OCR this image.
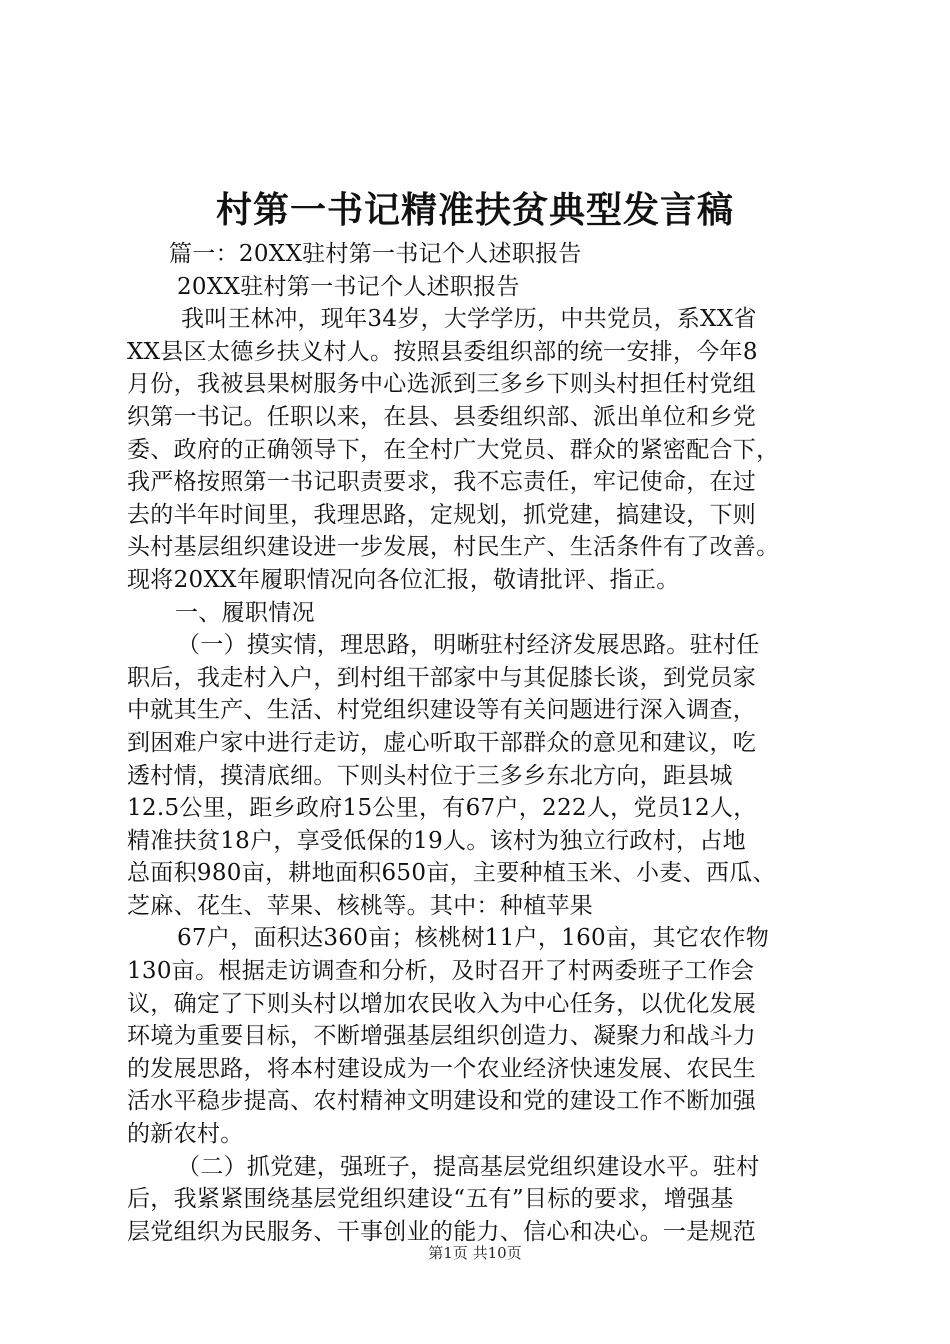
村第一书记精准扶贫典型发言稿
篇一：20XX驻村第一书记个人述职报告
20XX驻村第一书记个人述职报告
我叫王林冲，现年34岁，大学学历，中共党员，系XX省
XX县区太德乡扶义村人。按照县委组织部的统一安排，今年8
月份，我被县果树服务中心选派到三多乡下则头村担任村党组
织第一书记。任职以来，在县、县委组织部、派出单位和乡党
委、政府的正确领导下，在全村广大党员、群众的紧密配合下，
我严格按照第一书记职责要求，我不忘责任，牢记使命，在过
去的半年时间里，我理思路，定规划，抓党建，搞建设，下则
头村基层组织建设进一步发展，村民生产、生活条件有了改善。
现将20XX年履职情况向各位汇报，敬请批评、指正。
一、履职情况
（一）摸实情，理思路，明晰驻村经济发展思路。驻村任
职后，我走村入户，到村组干部家中与其促膝长谈，到党员家
中就其生产、生活、村党组织建设等有关问题进行深入调查，
到困难户家中进行走访，虚心听取干部群众的意见和建议，吃
透村情，摸清底细。下则头村位于三多乡东北方向，距县城
12.5公里，距乡政府15公里，有67户，222人，党员12人，
精准扶贫18户，享受低保的19人。该村为独立行政村，占地
总面积980亩，耕地面积650亩，主要种植玉米、小麦、西瓜、
芝麻、花生、苹果、核桃等。其中：种植苹果
67户，面积达360亩；核桃树11户，160亩，其它农作物
130亩。根据走访调查和分析，及时召开了村两委班子工作会
议，确定了下则头村以增加农民收入为中心任务，以优化发展
环境为重要目标，不断增强基层组织创造力、凝聚力和战斗力
的发展思路，将本村建设成为一个农业经济快速发展、农民生
活水平稳步提高、农村精神文明建设和党的建设工作不断加强
的新农村。
（二）抓党建，强班子，提高基层党组织建设水平。驻村
后，我紧紧围绕基层党组织建设“五有”目标的要求，增强基
层党组织为民服务、干事创业的能力、信心和决心。一是规范
第1页 共10页
